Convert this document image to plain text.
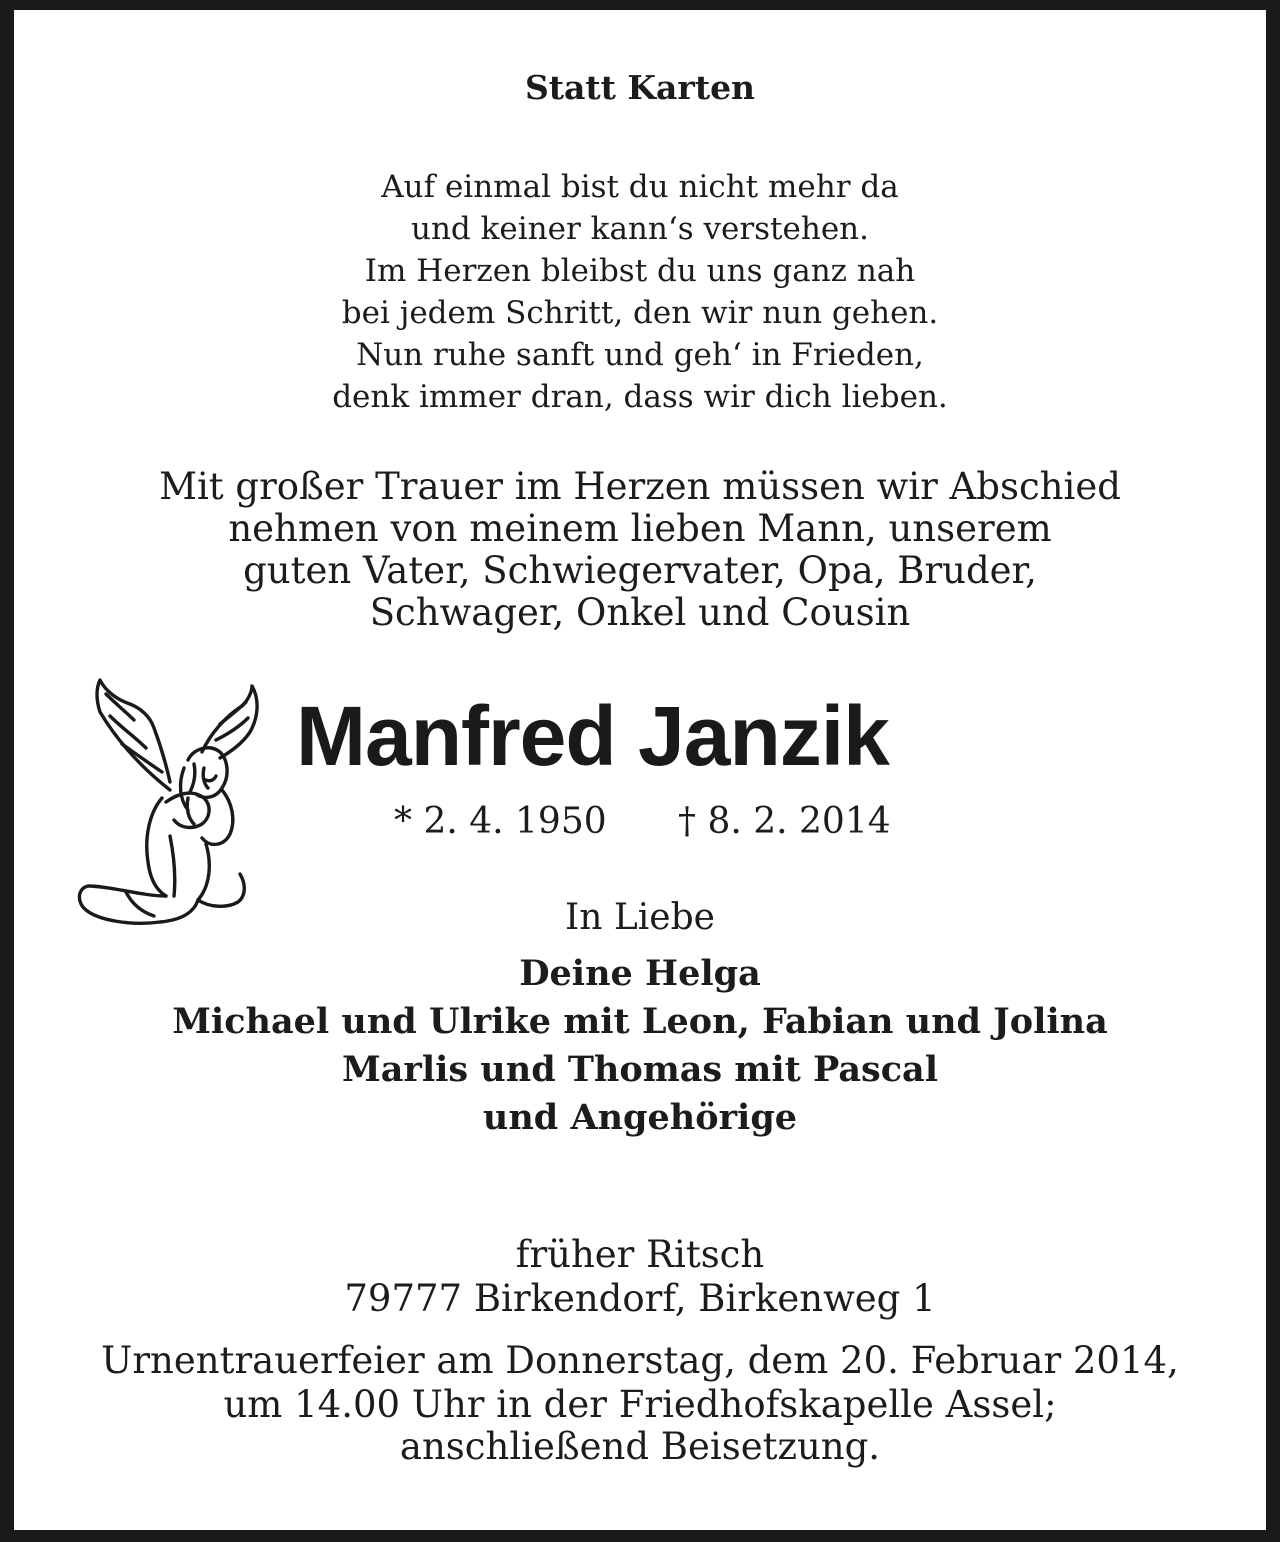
Statt Karten

Auf einmal bist du nicht mehr da

und keiner kann‘s verstehen.

Im Herzen bleibst du uns ganz nah

bei jedem Schritt, den wir nun gehen.

Nun ruhe sanft und geh‘ in Frieden,

denk immer dran, dass wir dich lieben.

Mit großer Trauer im Herzen müssen wir Abschied

nehmen von meinem lieben Mann, unserem

guten Vater, Schwiegervater, Opa, Bruder,

Schwager, Onkel und Cousin

Manfred Janzik
* 2. 4. 1950 † 8. 2. 2014

In Liebe

Deine Helga

Michael und Ulrike mit Leon, Fabian und Jolina

Marlis und Thomas mit Pascal

und Angehörige

früher Ritsch

79777 Birkendorf, Birkenweg 1

Urnentrauerfeier am Donnerstag, dem 20. Februar 2014,

um 14.00 Uhr in der Friedhofskapelle Assel;

anschließend Beisetzung.
